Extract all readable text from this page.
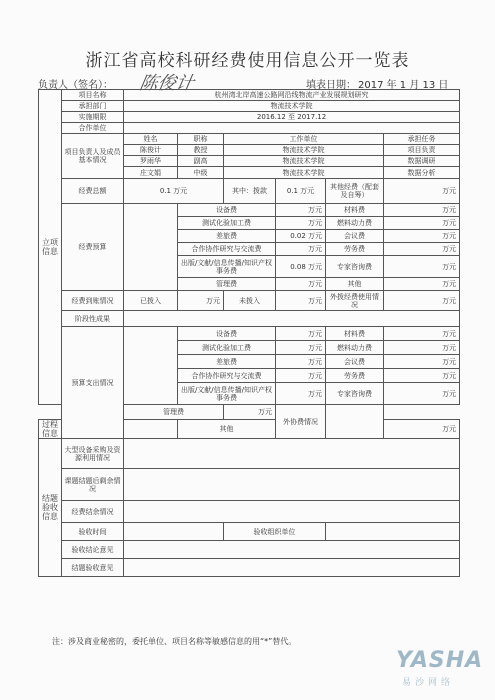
浙江省高校科研经费使用信息公开一览表
负责人（签名）： 陈俊计	填表日期： 2017 年 1 月 13 日
立项信息	项目名称	杭州湾北岸高速公路网沿线物流产业发展规划研究					
	承担部门	物流技术学院					
	实施期限	2016.12 至 2017.12					
	合作单位						
	项目负责人及成员基本情况	姓名	职称	工作单位			承担任务
		陈俊计	教授	物流技术学院			项目负责
		罗雨华	副高	物流技术学院			数据调研
		庄文娟	中级	物流技术学院			数据分析
	经费总额	0.1 万元		其中：拨款	0.1 万元	其他经费（配套及自筹）	万元
	经费预算		设备费		万元	材料费	万元
			测试化验加工费		万元	燃料动力费	万元
			差旅费		0.02 万元	会议费	万元
			合作协作研究与交流费		万元	劳务费	万元
			出版/文献/信息传播/知识产权事务费		0.08 万元	专家咨询费	万元
			管理费		万元	其他	万元
	经费到账情况	已拨入	万元	未拨入	万元	外拨经费使用情况	万元
	阶段性成果						
	预算支出情况		设备费		万元	材料费	万元
			测试化验加工费		万元	燃料动力费	万元
			差旅费		万元	会议费	万元
			合作协作研究与交流费		万元	劳务费	万元
			出版/文献/信息传播/知识产权事务费		万元	专家咨询费	万元
		管理费		万元	外协费情况		
过程信息			其他				万元
结题验收信息	大型设备采购及资源利用情况						
	课题结题后剩余情况						
	经费结余情况						
	验收时间			验收组织单位			
	验收结论意见						
	结题验收意见						
注：涉及商业秘密的，委托单位、项目名称等敏感信息的用“*”替代。
YASHA
易沙网络
